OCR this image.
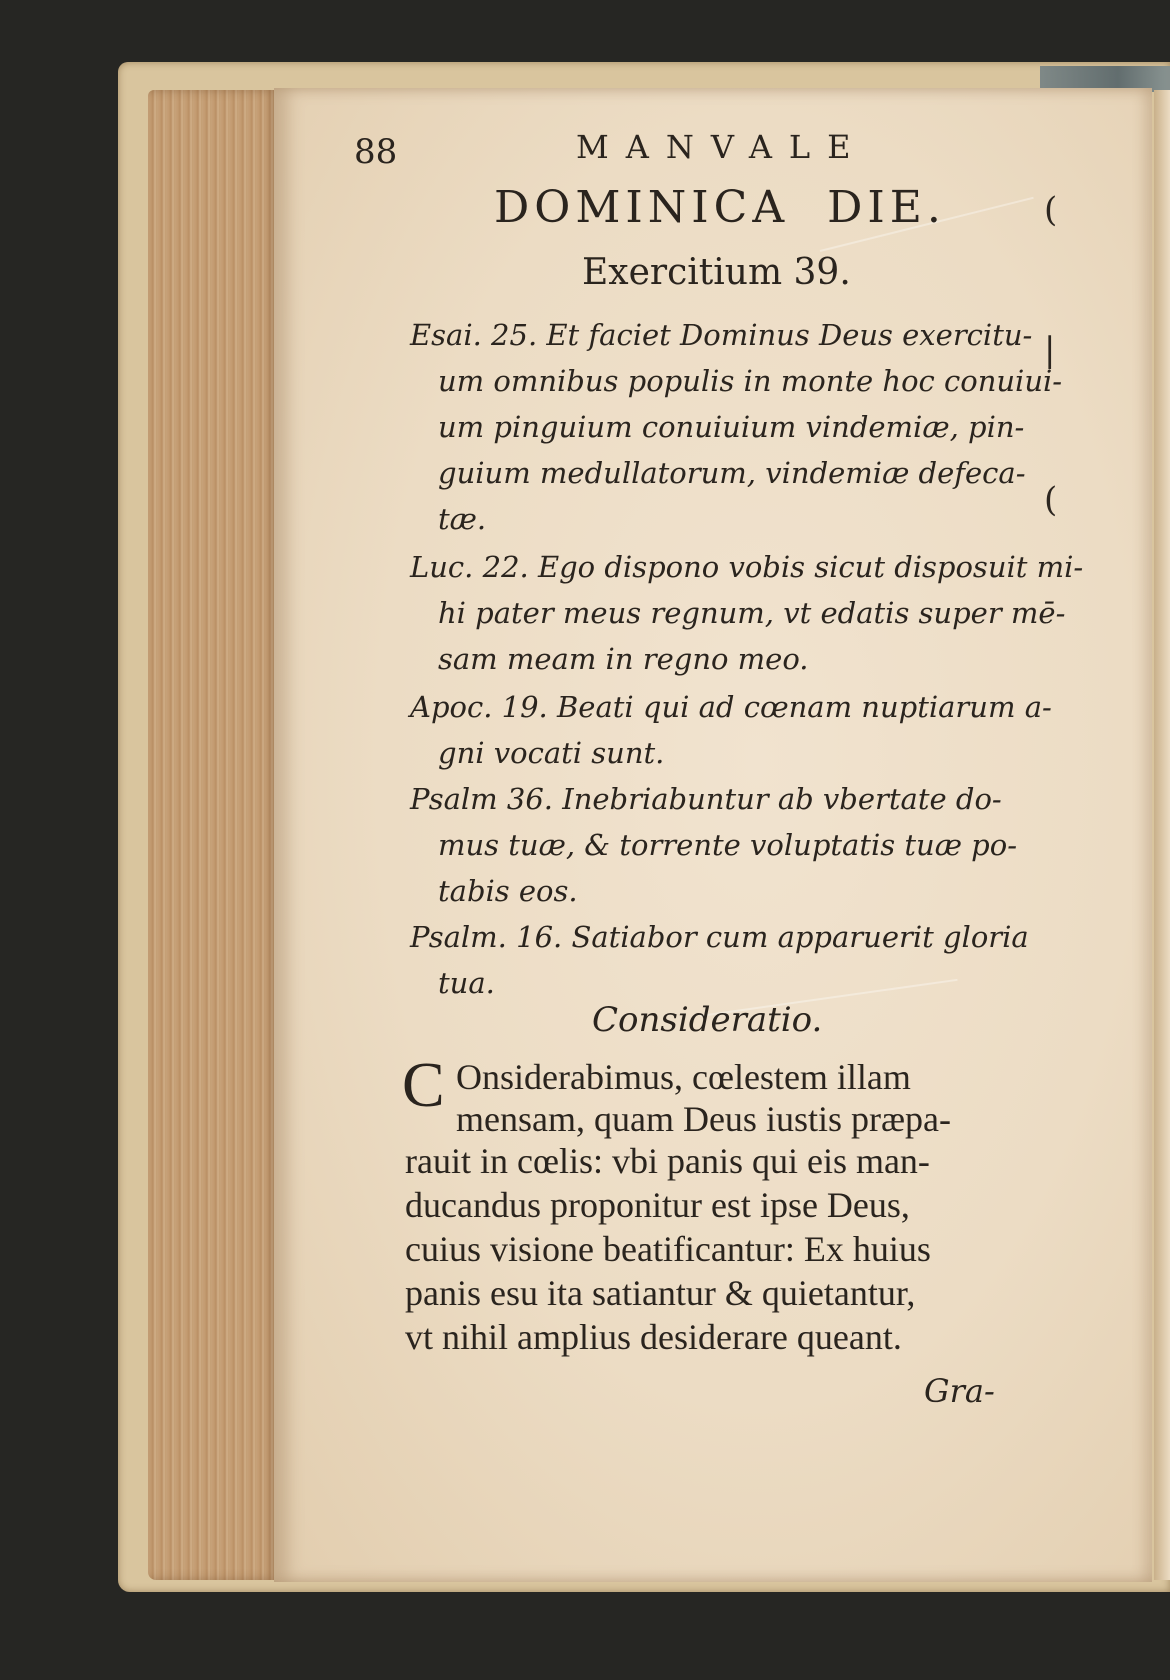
(
|
(

88	MANVALE

DOMINICA  DIE.

Exercitium 39.

Esai. 25. Et faciet Dominus Deus exercitu-

um omnibus populis in monte hoc conuiui-

um pinguium conuiuium vindemiæ, pin-

guium medullatorum, vindemiæ defeca-

tæ.

Luc. 22. Ego dispono vobis sicut disposuit mi-

hi pater meus regnum, vt edatis super mē-

sam meam in regno meo.

Apoc. 19. Beati qui ad cœnam nuptiarum a-

gni vocati sunt.

Psalm 36. Inebriabuntur ab vbertate do-

mus tuæ, & torrente voluptatis tuæ po-

tabis eos.

Psalm. 16. Satiabor cum apparuerit gloria

tua.

Consideratio.

C Onsiderabimus, cœlestem illam

mensam, quam Deus iustis præpa-

rauit in cœlis: vbi panis qui eis man-

ducandus proponitur est ipse Deus,

cuius visione beatificantur: Ex huius

panis esu ita satiantur & quietantur,

vt nihil amplius desiderare queant.

Gra-
